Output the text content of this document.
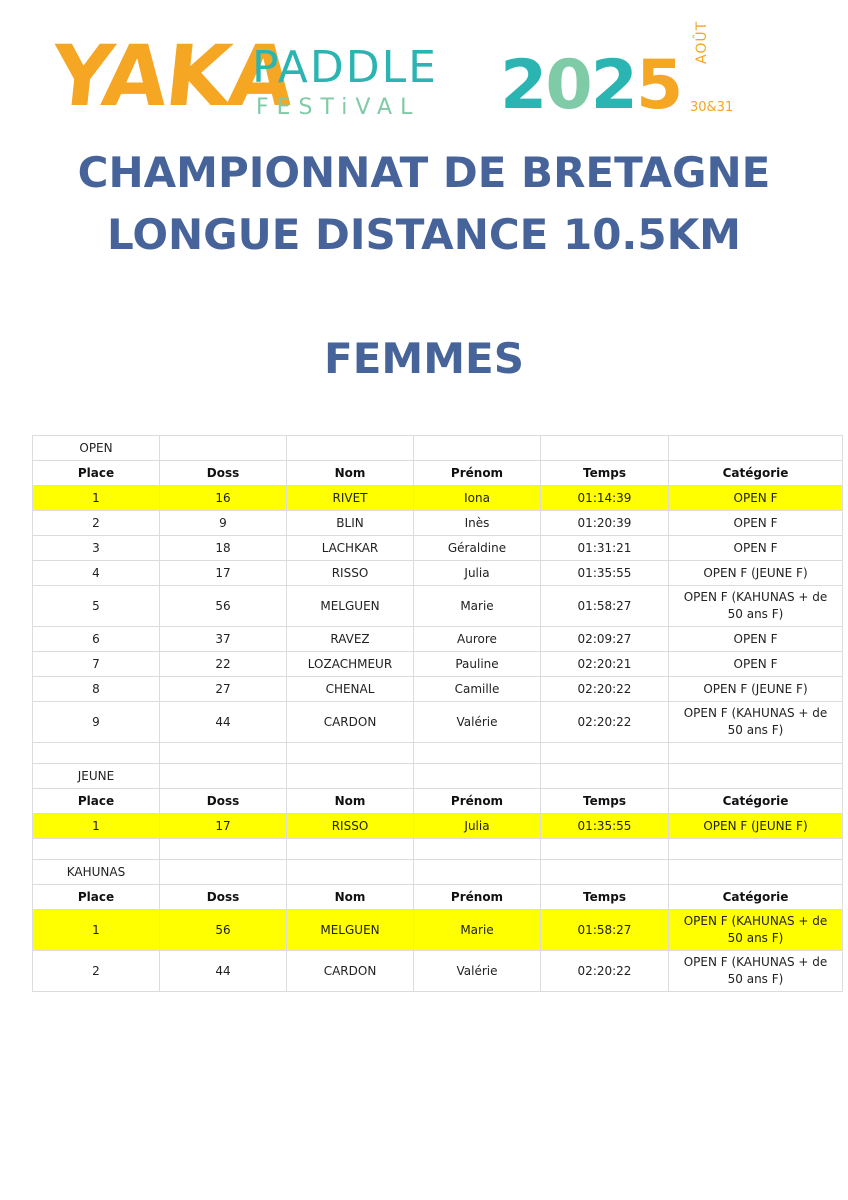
YAKA
PADDLE
FESTiVAL 2025
AOÛT
30&31
CHAMPIONNAT DE BRETAGNE
LONGUE DISTANCE 10.5KM
FEMMES
OPEN					
Place	Doss	Nom	Prénom	Temps	Catégorie
1	16	RIVET	Iona	01:14:39	OPEN F
2	9	BLIN	Inès	01:20:39	OPEN F
3	18	LACHKAR	Géraldine	01:31:21	OPEN F
4	17	RISSO	Julia	01:35:55	OPEN F (JEUNE F)
5	56	MELGUEN	Marie	01:58:27	OPEN F (KAHUNAS + de 50 ans F)
6	37	RAVEZ	Aurore	02:09:27	OPEN F
7	22	LOZACHMEUR	Pauline	02:20:21	OPEN F
8	27	CHENAL	Camille	02:20:22	OPEN F (JEUNE F)
9	44	CARDON	Valérie	02:20:22	OPEN F (KAHUNAS + de 50 ans F)

JEUNE					
Place	Doss	Nom	Prénom	Temps	Catégorie
1	17	RISSO	Julia	01:35:55	OPEN F (JEUNE F)

KAHUNAS					
Place	Doss	Nom	Prénom	Temps	Catégorie
1	56	MELGUEN	Marie	01:58:27	OPEN F (KAHUNAS + de 50 ans F)
2	44	CARDON	Valérie	02:20:22	OPEN F (KAHUNAS + de 50 ans F)
